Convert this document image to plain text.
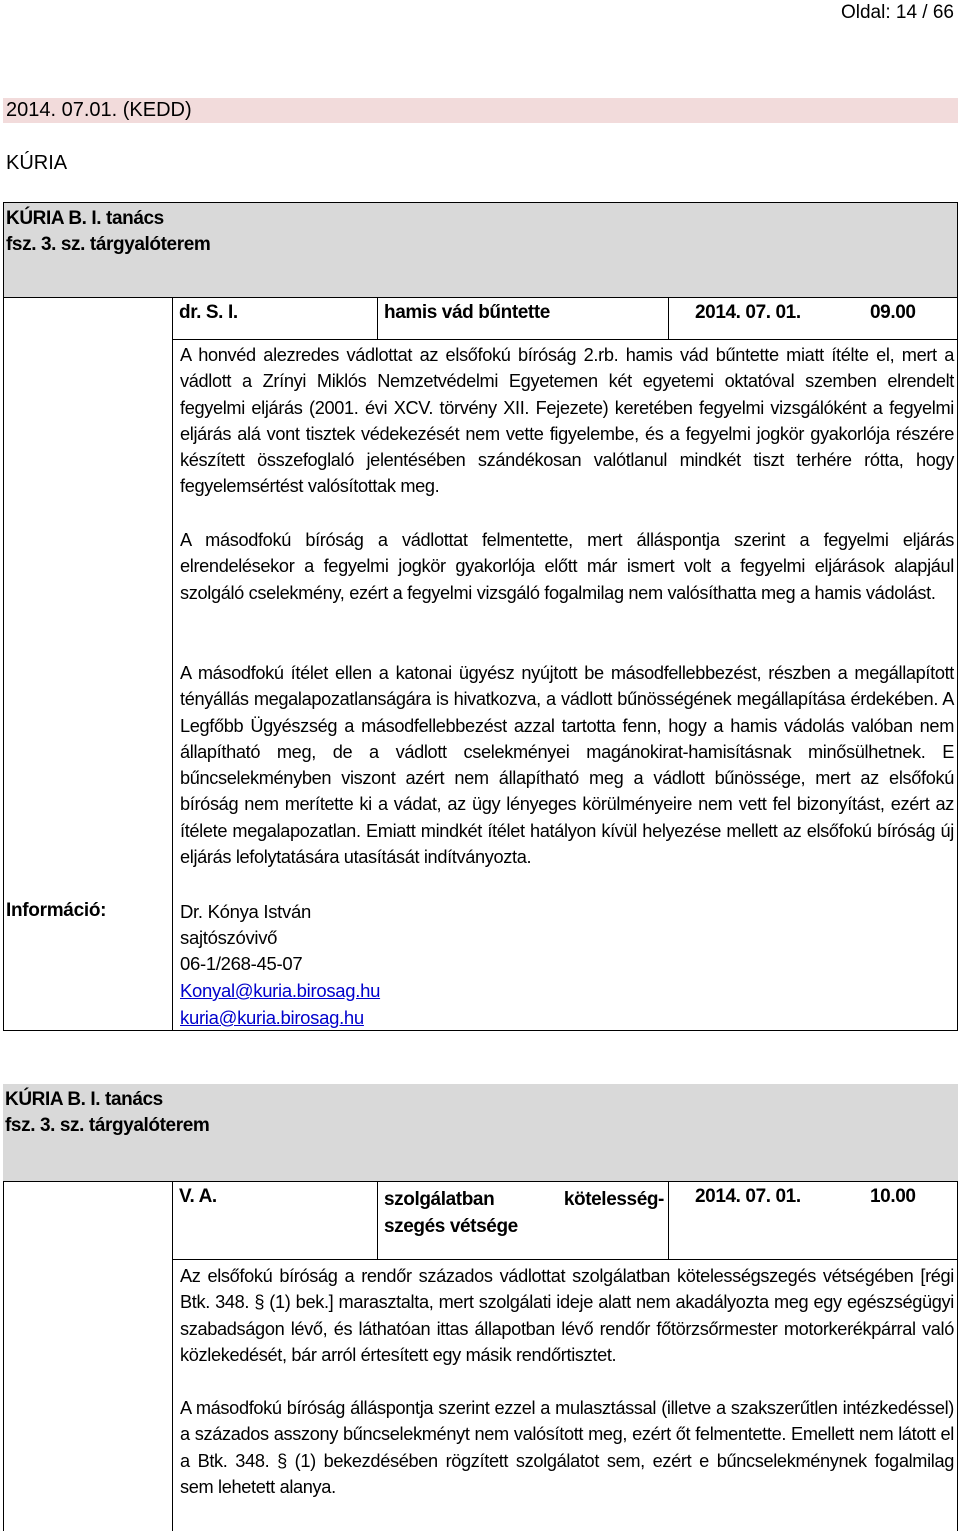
Oldal: 14 / 66
2014. 07.01. (KEDD)
KÚRIA
KÚRIA B. I. tanács
fsz. 3. sz. tárgyalóterem
dr. S. I.	hamis vád bűntette	2014. 07. 01.	09.00
A honvéd alezredes vádlottat az elsőfokú bíróság 2.rb. hamis vád bűntette miatt ítélte el, mert a vádlott a Zrínyi Miklós Nemzetvédelmi Egyetemen két egyetemi oktatóval szemben elrendelt fegyelmi eljárás (2001. évi XCV. törvény XII. Fejezete) keretében fegyelmi vizsgálóként a fegyelmi eljárás alá vont tisztek védekezését nem vette figyelembe, és a fegyelmi jogkör gyakorlója részére készített összefoglaló jelentésében szándékosan valótlanul mindkét tiszt terhére rótta, hogy fegyelemsértést valósítottak meg.
A másodfokú bíróság a vádlottat felmentette, mert álláspontja szerint a fegyelmi eljárás elrendelésekor a fegyelmi jogkör gyakorlója előtt már ismert volt a fegyelmi eljárások alapjául szolgáló cselekmény, ezért a fegyelmi vizsgáló fogalmilag nem valósíthatta meg a hamis vádolást.
A másodfokú ítélet ellen a katonai ügyész nyújtott be másodfellebbezést, részben a megállapított tényállás megalapozatlanságára is hivatkozva, a vádlott bűnösségének megállapítása érdekében. A Legfőbb Ügyészség a másodfellebbezést azzal tartotta fenn, hogy a hamis vádolás valóban nem állapítható meg, de a vádlott cselekményei magánokirat-hamisításnak minősülhetnek. E bűncselekményben viszont azért nem állapítható meg a vádlott bűnössége, mert az elsőfokú bíróság nem merítette ki a vádat, az ügy lényeges körülményeire nem vett fel bizonyítást, ezért az ítélete megalapozatlan. Emiatt mindkét ítélet hatályon kívül helyezése mellett az elsőfokú bíróság új eljárás lefolytatására utasítását indítványozta.
Információ:	Dr. Kónya István
sajtószóvivő
06-1/268-45-07
Konyal@kuria.birosag.hu
kuria@kuria.birosag.hu
KÚRIA B. I. tanács
fsz. 3. sz. tárgyalóterem
V. A.	szolgálatban kötelesség-
szegés vétsége
2014. 07. 01.	10.00
Az elsőfokú bíróság a rendőr százados vádlottat szolgálatban kötelességszegés vétségében [régi Btk. 348. § (1) bek.] marasztalta, mert szolgálati ideje alatt nem akadályozta meg egy egészségügyi szabadságon lévő, és láthatóan ittas állapotban lévő rendőr főtörzsőrmester motorkerékpárral való közlekedését, bár arról értesített egy másik rendőrtisztet.
A másodfokú bíróság álláspontja szerint ezzel a mulasztással (illetve a szakszerűtlen intézkedéssel) a százados asszony bűncselekményt nem valósított meg, ezért őt felmentette. Emellett nem látott el a Btk. 348. § (1) bekezdésében rögzített szolgálatot sem, ezért e bűncselekménynek fogalmilag sem lehetett alanya.
